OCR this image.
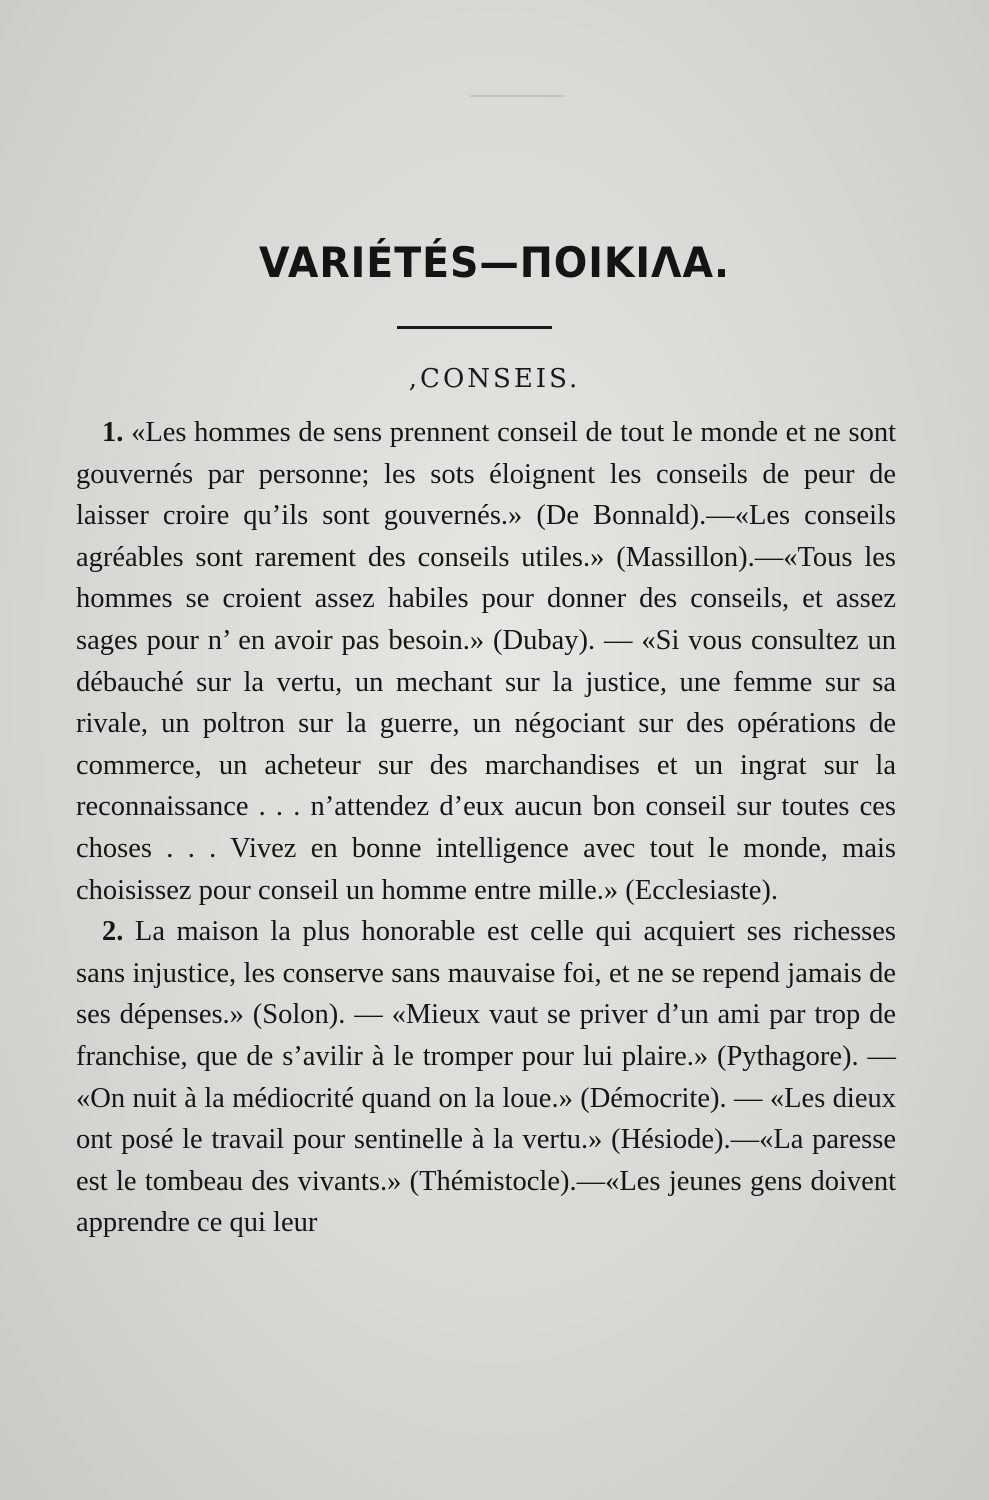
VARIÉTÉS—ΠΟΙΚΙΛΑ.
,CONSEIS.

1. «Les hommes de sens prennent conseil de tout le monde et ne sont gouvernés par personne; les sots éloignent les conseils de peur de laisser croire qu’ils sont gouvernés.» (De Bonnald).—«Les conseils agréables sont rarement des conseils utiles.» (Massillon).—«Tous les hommes se croient assez habiles pour donner des conseils, et assez sages pour n’ en avoir pas besoin.» (Dubay). — «Si vous consultez un débauché sur la vertu, un mechant sur la justice, une femme sur sa rivale, un poltron sur la guerre, un négociant sur des opérations de commerce, un acheteur sur des marchandises et un ingrat sur la reconnaissance . . . n’attendez d’eux aucun bon conseil sur toutes ces choses . . . Vivez en bonne intelligence avec tout le monde, mais choisissez pour conseil un homme entre mille.» (Ecclesiaste).

2. La maison la plus honorable est celle qui acquiert ses richesses sans injustice, les conserve sans mauvaise foi, et ne se repend jamais de ses dépenses.» (Solon). — «Mieux vaut se priver d’un ami par trop de franchise, que de s’avilir à le tromper pour lui plaire.» (Pythagore). — «On nuit à la médiocrité quand on la loue.» (Démocrite). — «Les dieux ont posé le travail pour sentinelle à la vertu.» (Hésiode).—«La paresse est le tombeau des vivants.» (Thémistocle).—«Les jeunes gens doivent apprendre ce qui leur
